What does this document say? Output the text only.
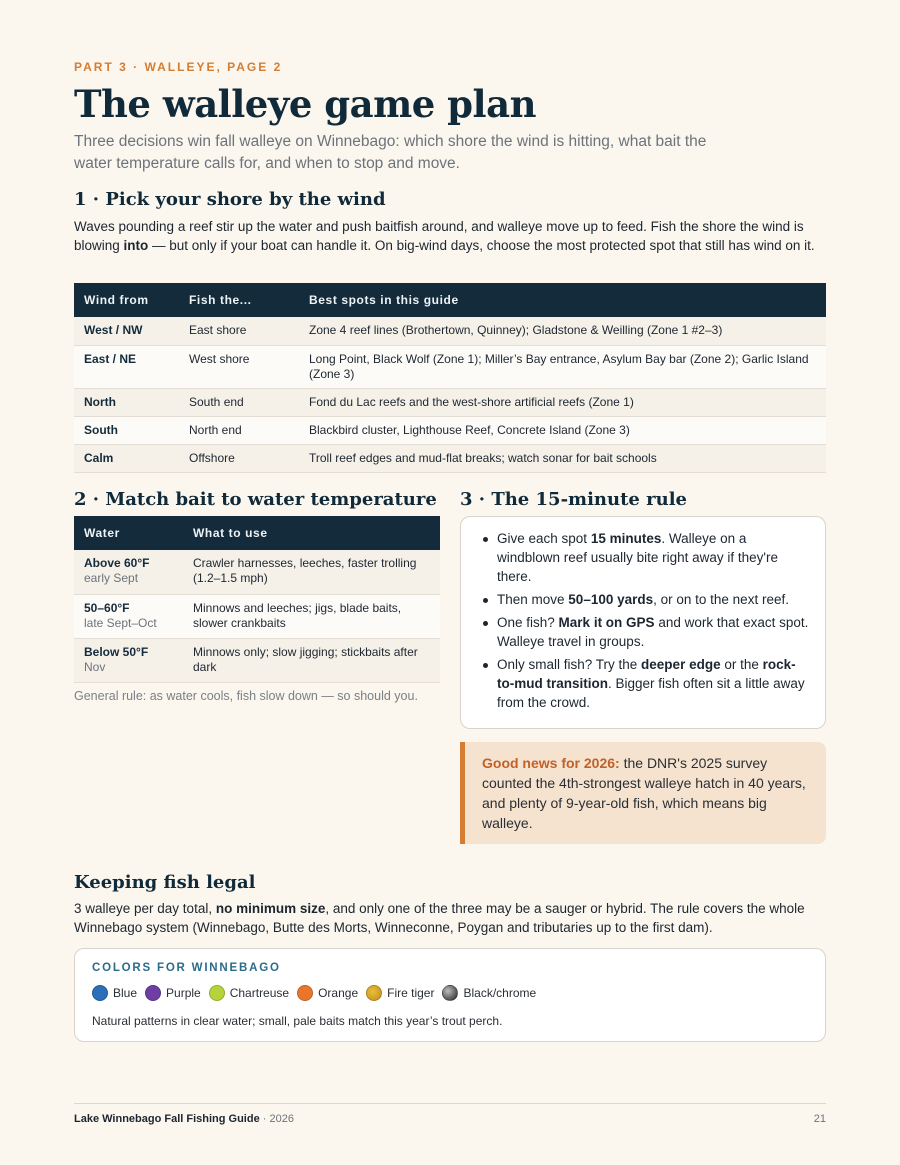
PART 3 · WALLEYE, PAGE 2
The walleye game plan

Three decisions win fall walleye on Winnebago: which shore the wind is hitting, what bait the water temperature calls for, and when to stop and move.

1 · Pick your shore by the wind

Waves pounding a reef stir up the water and push baitfish around, and walleye move up to feed. Fish the shore the wind is blowing into — but only if your boat can handle it. On big-wind days, choose the most protected spot that still has wind on it.

Wind from	Fish the...	Best spots in this guide
West / NW	East shore	Zone 4 reef lines (Brothertown, Quinney); Gladstone & Weilling (Zone 1 #2–3)
East / NE	West shore	Long Point, Black Wolf (Zone 1); Miller’s Bay entrance, Asylum Bay bar (Zone 2); Garlic Island (Zone 3)
North	South end	Fond du Lac reefs and the west-shore artificial reefs (Zone 1)
South	North end	Blackbird cluster, Lighthouse Reef, Concrete Island (Zone 3)
Calm	Offshore	Troll reef edges and mud-flat breaks; watch sonar for bait schools
2 · Match bait to water temperature
Water	What to use
Above 60°F
early Sept	Crawler harnesses, leeches, faster trolling (1.2–1.5 mph)
50–60°F
late Sept–Oct	Minnows and leeches; jigs, blade baits, slower crankbaits
Below 50°F
Nov	Minnows only; slow jigging; stickbaits after dark

General rule: as water cools, fish slow down — so should you.

3 · The 15-minute rule
Give each spot 15 minutes. Walleye on a windblown reef usually bite right away if they're there.
Then move 50–100 yards, or on to the next reef.
One fish? Mark it on GPS and work that exact spot. Walleye travel in groups.
Only small fish? Try the deeper edge or the rock-to-mud transition. Bigger fish often sit a little away from the crowd.
Good news for 2026: the DNR's 2025 survey counted the 4th-strongest walleye hatch in 40 years, and plenty of 9-year-old fish, which means big walleye.
Keeping fish legal

3 walleye per day total, no minimum size, and only one of the three may be a sauger or hybrid. The rule covers the whole Winnebago system (Winnebago, Butte des Morts, Winneconne, Poygan and tributaries up to the first dam).

COLORS FOR WINNEBAGO
Blue Purple Chartreuse Orange Fire tiger Black/chrome
Natural patterns in clear water; small, pale baits match this year’s trout perch.
Lake Winnebago Fall Fishing Guide · 2026	21
